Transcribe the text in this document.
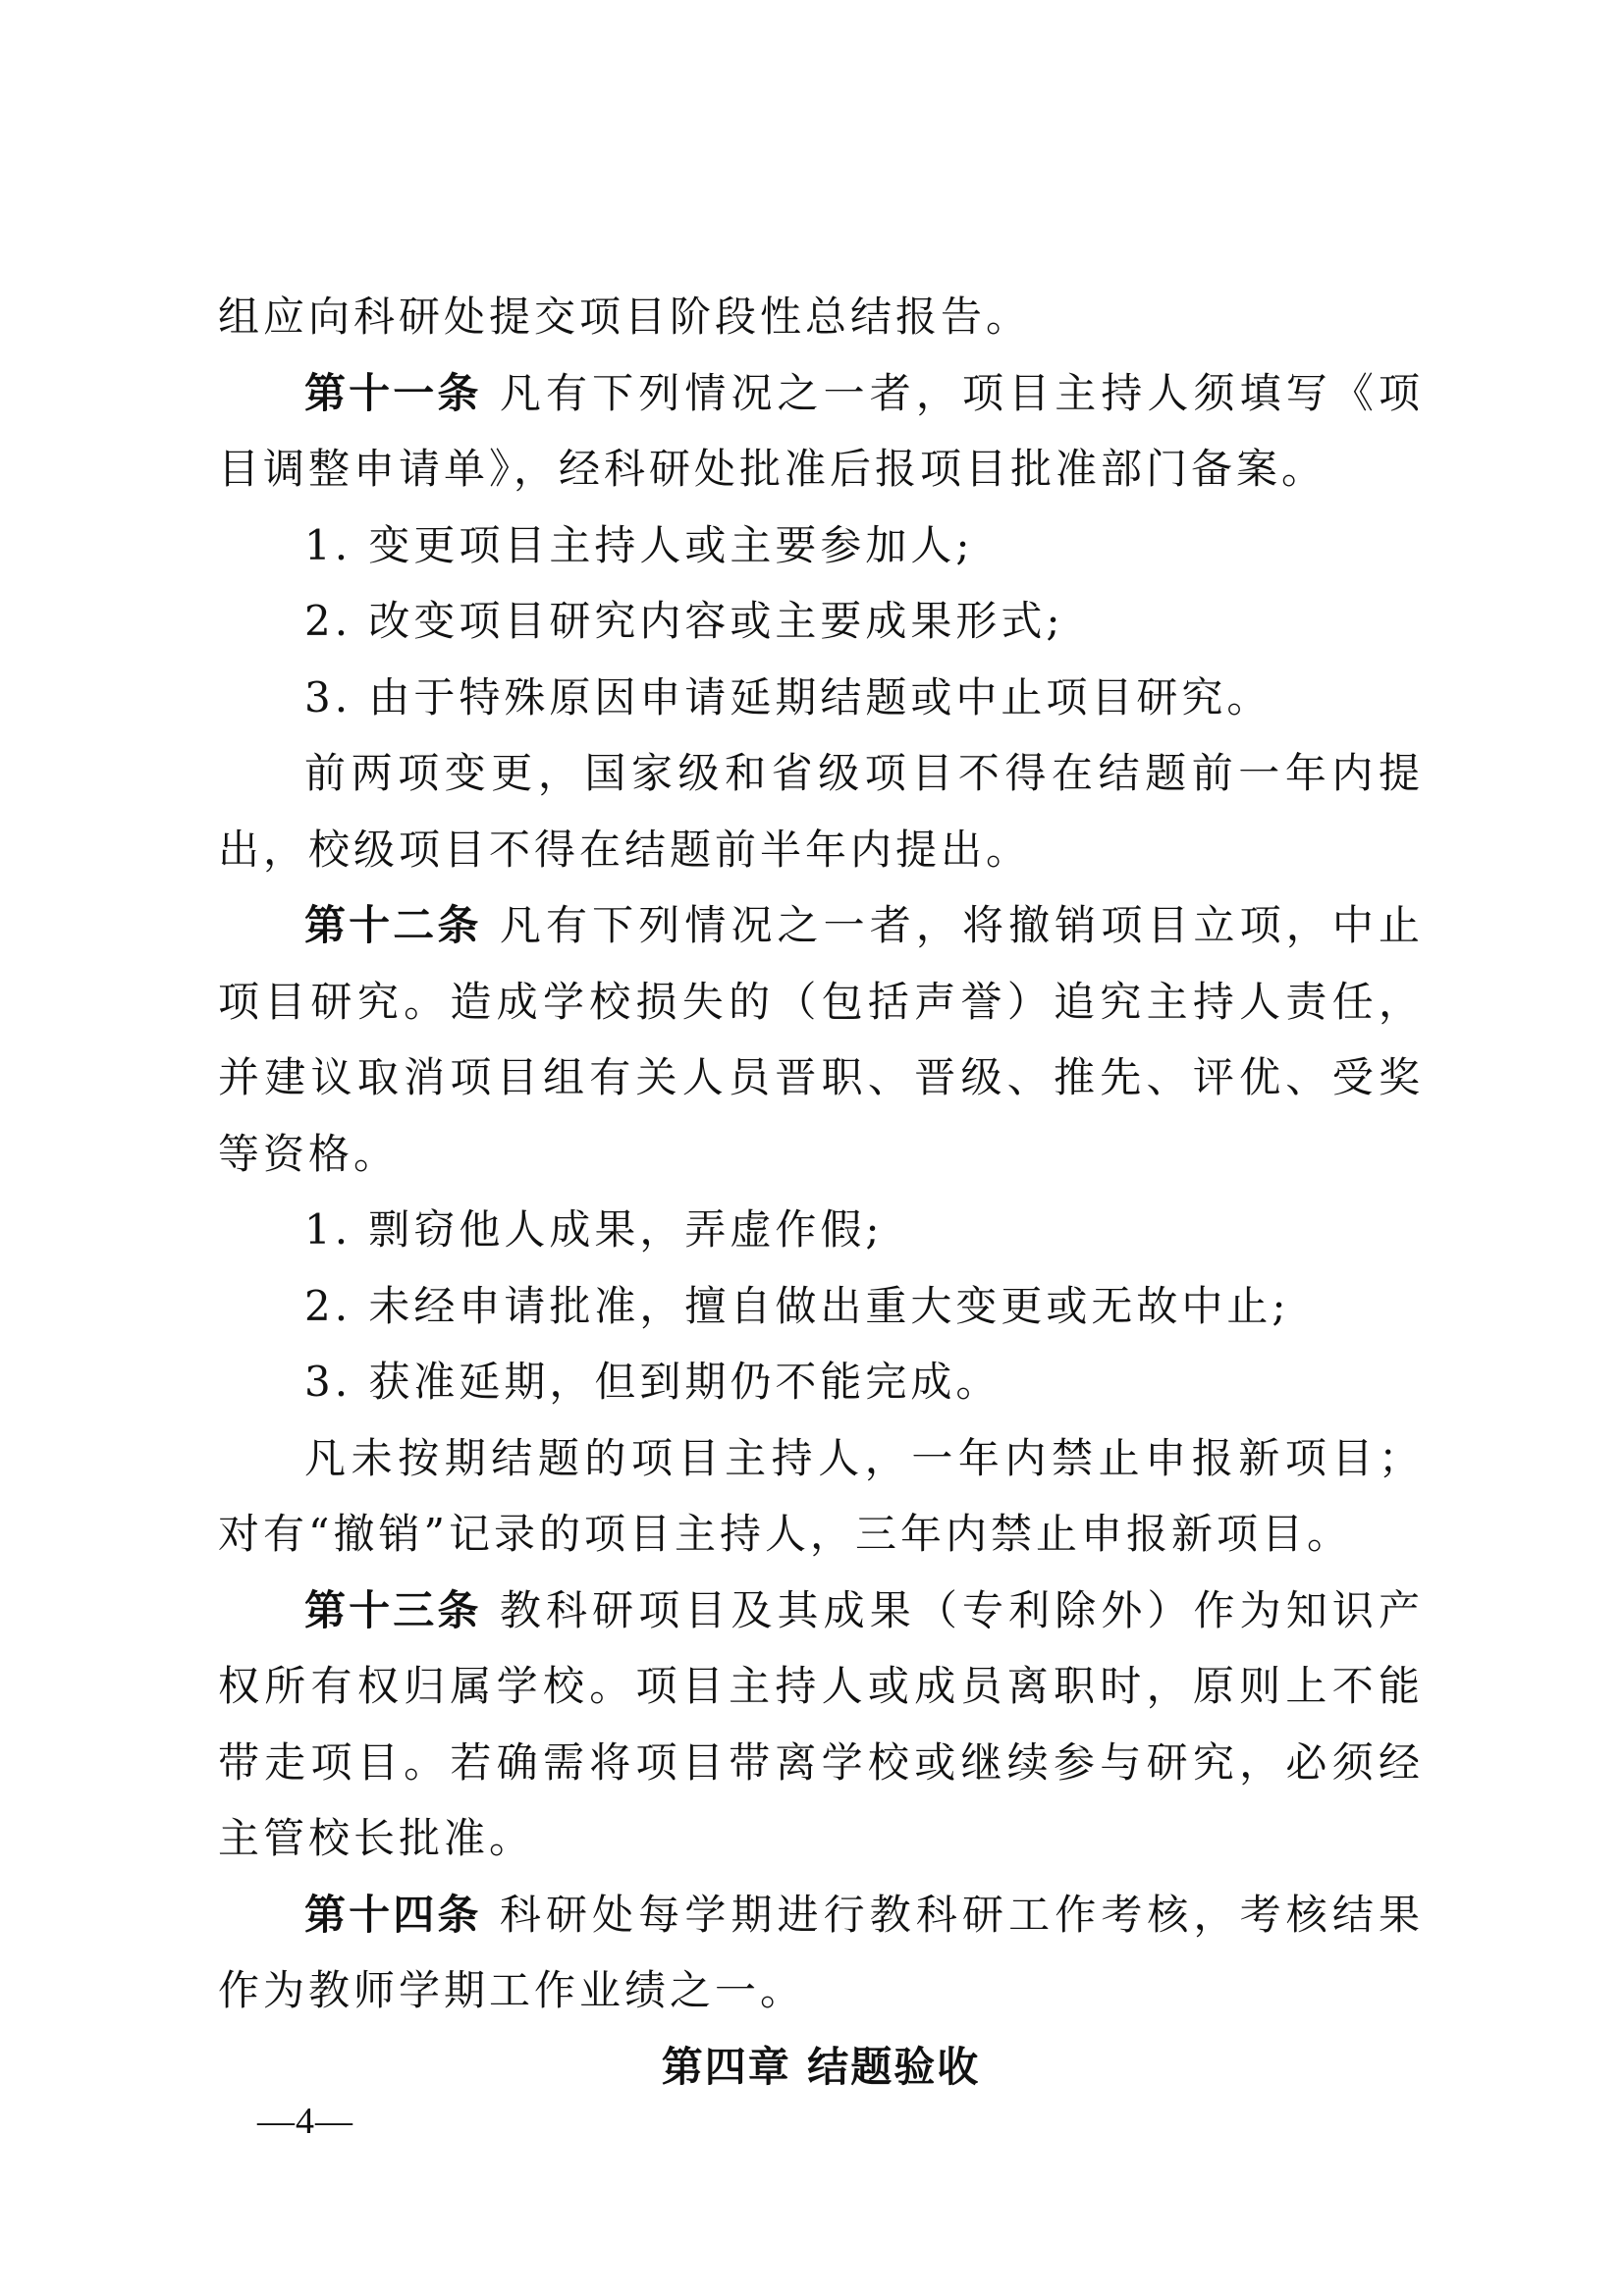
组应向科研处提交项目阶段性总结报告。

第十一条 凡有下列情况之一者，项目主持人须填写《项目调整申请单》，经科研处批准后报项目批准部门备案。

1. 变更项目主持人或主要参加人;

2. 改变项目研究内容或主要成果形式;

3. 由于特殊原因申请延期结题或中止项目研究。

前两项变更，国家级和省级项目不得在结题前一年内提出，校级项目不得在结题前半年内提出。

第十二条 凡有下列情况之一者，将撤销项目立项，中止项目研究。造成学校损失的（包括声誉）追究主持人责任，并建议取消项目组有关人员晋职、晋级、推先、评优、受奖等资格。

1. 剽窃他人成果，弄虚作假;

2. 未经申请批准，擅自做出重大变更或无故中止;

3. 获准延期，但到期仍不能完成。

凡未按期结题的项目主持人，一年内禁止申报新项目；对有“撤销”记录的项目主持人，三年内禁止申报新项目。

第十三条 教科研项目及其成果（专利除外）作为知识产权所有权归属学校。项目主持人或成员离职时，原则上不能带走项目。若确需将项目带离学校或继续参与研究，必须经主管校长批准。

第十四条 科研处每学期进行教科研工作考核，考核结果作为教师学期工作业绩之一。

第四章 结题验收

—4—
